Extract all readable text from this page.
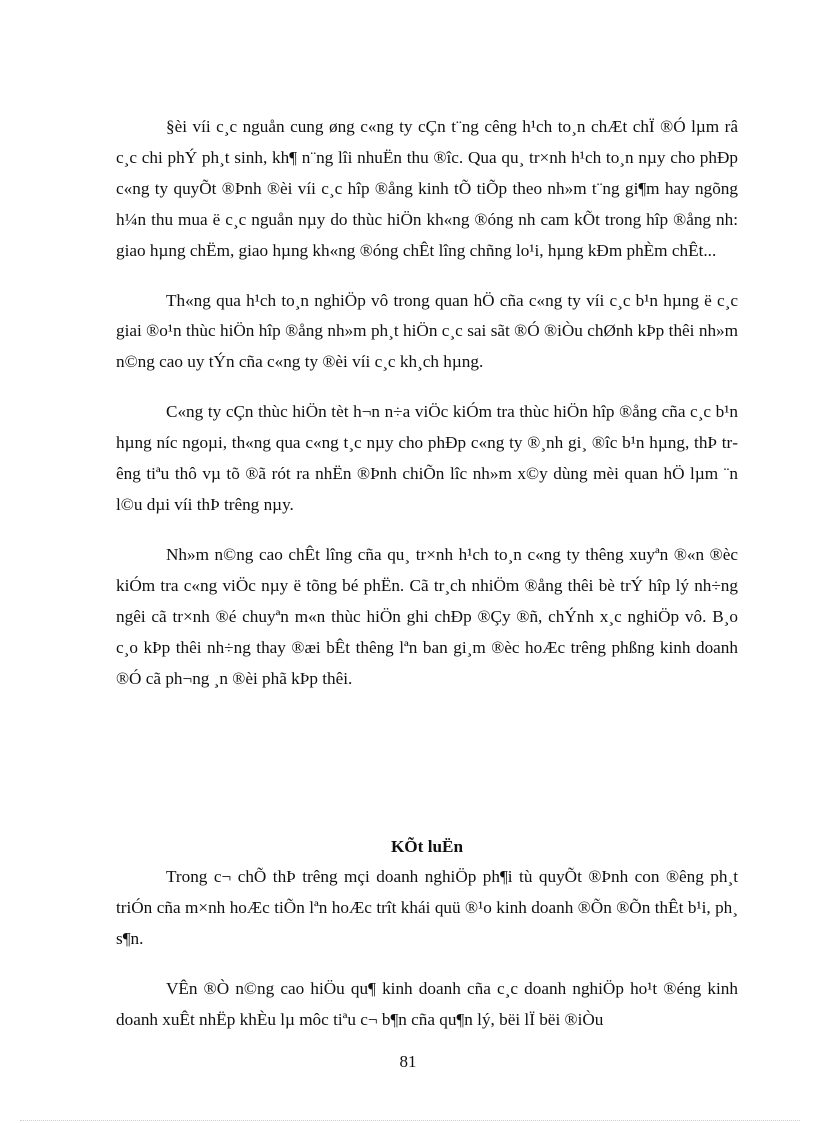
§èi víi c¸c nguån cung øng c«ng ty cÇn t¨ng cêng h¹ch to¸n chÆt chÏ ®Ó lµm râ c¸c chi phÝ ph¸t sinh, kh¶ n¨ng lîi nhuËn thu ®îc. Qua qu¸ tr×nh h¹ch to¸n nµy cho phÐp c«ng ty quyÕt ®Þnh ®èi víi c¸c hîp ®ång kinh tÕ tiÕp theo nh»m t¨ng gi¶m hay ngõng h¼n thu mua ë c¸c nguån nµy do thùc hiÖn kh«ng ®óng nh cam kÕt trong hîp ®ång nh: giao hµng chËm, giao hµng kh«ng ®óng chÊt lîng chñng lo¹i, hµng kÐm phÈm chÊt...

Th«ng qua h¹ch to¸n nghiÖp vô trong quan hÖ cña c«ng ty víi c¸c b¹n hµng ë c¸c giai ®o¹n thùc hiÖn hîp ®ång nh»m ph¸t hiÖn c¸c sai sãt ®Ó ®iÒu chØnh kÞp thêi nh»m n©ng cao uy tÝn cña c«ng ty ®èi víi c¸c kh¸ch hµng.

C«ng ty cÇn thùc hiÖn tèt h¬n n÷a viÖc kiÓm tra thùc hiÖn hîp ®ång cña c¸c b¹n hµng níc ngoµi, th«ng qua c«ng t¸c nµy cho phÐp c«ng ty ®¸nh gi¸ ®îc b¹n hµng, thÞ trêng tiªu thô vµ tõ ®ã rót ra nhËn ®Þnh chiÕn lîc nh»m x©y dùng mèi quan hÖ lµm ¨n l©u dµi víi thÞ trêng nµy.

Nh»m n©ng cao chÊt lîng cña qu¸ tr×nh h¹ch to¸n c«ng ty thêng xuyªn ®«n ®èc kiÓm tra c«ng viÖc nµy ë tõng bé phËn. Cã tr¸ch nhiÖm ®ång thêi bè trÝ hîp lý nh÷ng ngêi cã tr×nh ®é chuyªn m«n thùc hiÖn ghi chÐp ®Çy ®ñ, chÝnh x¸c nghiÖp vô. B¸o c¸o kÞp thêi nh÷ng thay ®æi bÊt thêng lªn ban gi¸m ®èc hoÆc trêng phßng kinh doanh ®Ó cã ph¬ng ¸n ®èi phã kÞp thêi.

KÕt luËn

Trong c¬ chÕ thÞ trêng mçi doanh nghiÖp ph¶i tù quyÕt ®Þnh con ®êng ph¸t triÓn cña m×nh hoÆc tiÕn lªn hoÆc trît khái quü ®¹o kinh doanh ®Õn ®Õn thÊt b¹i, ph¸ s¶n.

VÊn ®Ò n©ng cao hiÖu qu¶ kinh doanh cña c¸c doanh nghiÖp ho¹t ®éng kinh doanh xuÊt nhËp khÈu lµ môc tiªu c¬ b¶n cña qu¶n lý, bëi lÏ bëi ®iÒu

81
